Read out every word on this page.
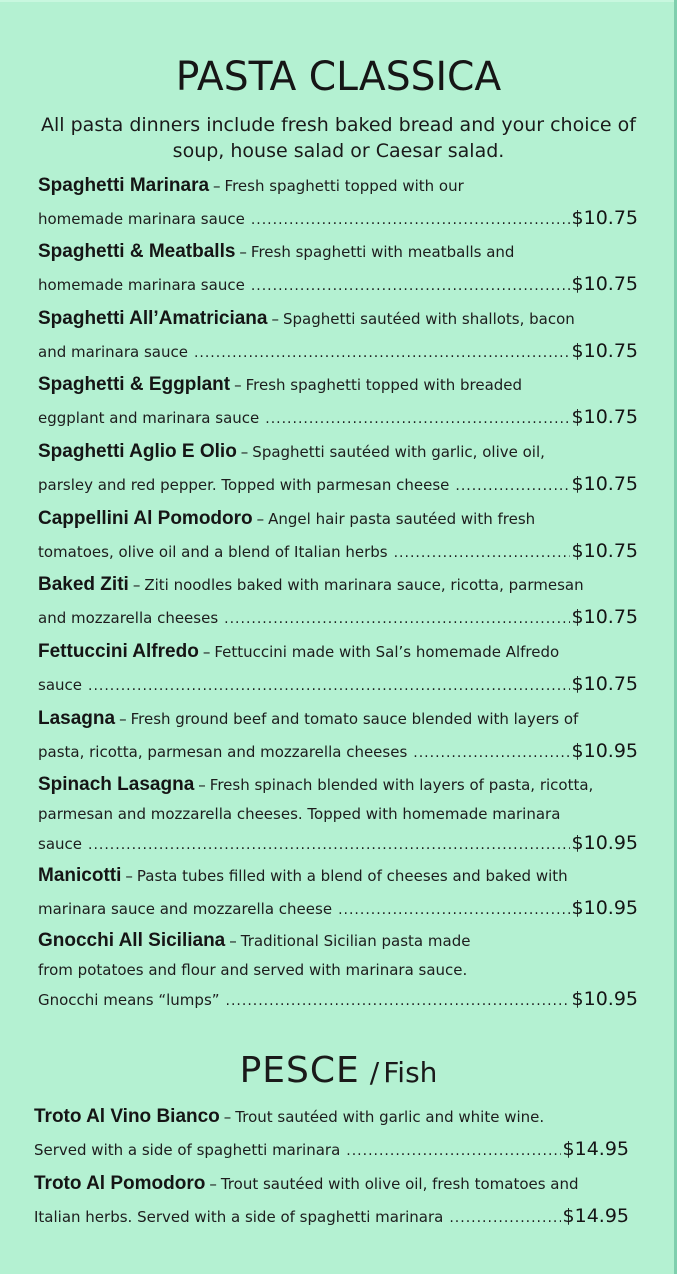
PASTA CLASSICA
All pasta dinners include fresh baked bread and your choice of soup, house salad or Caesar salad.
Spaghetti Marinara – Fresh spaghetti topped with our
homemade marinara sauce .....	$10.75
Spaghetti & Meatballs – Fresh spaghetti with meatballs and
homemade marinara sauce .....	$10.75
Spaghetti All’Amatriciana – Spaghetti sautéed with shallots, bacon
and marinara sauce .....	$10.75
Spaghetti & Eggplant – Fresh spaghetti topped with breaded
eggplant and marinara sauce .....	$10.75
Spaghetti Aglio E Olio – Spaghetti sautéed with garlic, olive oil,
parsley and red pepper. Topped with parmesan cheese .....	$10.75
Cappellini Al Pomodoro – Angel hair pasta sautéed with fresh
tomatoes, olive oil and a blend of Italian herbs .....	$10.75
Baked Ziti – Ziti noodles baked with marinara sauce, ricotta, parmesan
and mozzarella cheeses .....	$10.75
Fettuccini Alfredo – Fettuccini made with Sal’s homemade Alfredo
sauce .....	$10.75
Lasagna – Fresh ground beef and tomato sauce blended with layers of
pasta, ricotta, parmesan and mozzarella cheeses .....	$10.95
Spinach Lasagna – Fresh spinach blended with layers of pasta, ricotta,
parmesan and mozzarella cheeses. Topped with homemade marinara
sauce .....	$10.95
Manicotti – Pasta tubes filled with a blend of cheeses and baked with
marinara sauce and mozzarella cheese .....	$10.95
Gnocchi All Siciliana – Traditional Sicilian pasta made
from potatoes and flour and served with marinara sauce.
Gnocchi means “lumps” .....	$10.95
PESCE / Fish
Troto Al Vino Bianco – Trout sautéed with garlic and white wine.
Served with a side of spaghetti marinara .....	$14.95
Troto Al Pomodoro – Trout sautéed with olive oil, fresh tomatoes and
Italian herbs. Served with a side of spaghetti marinara .....	$14.95
